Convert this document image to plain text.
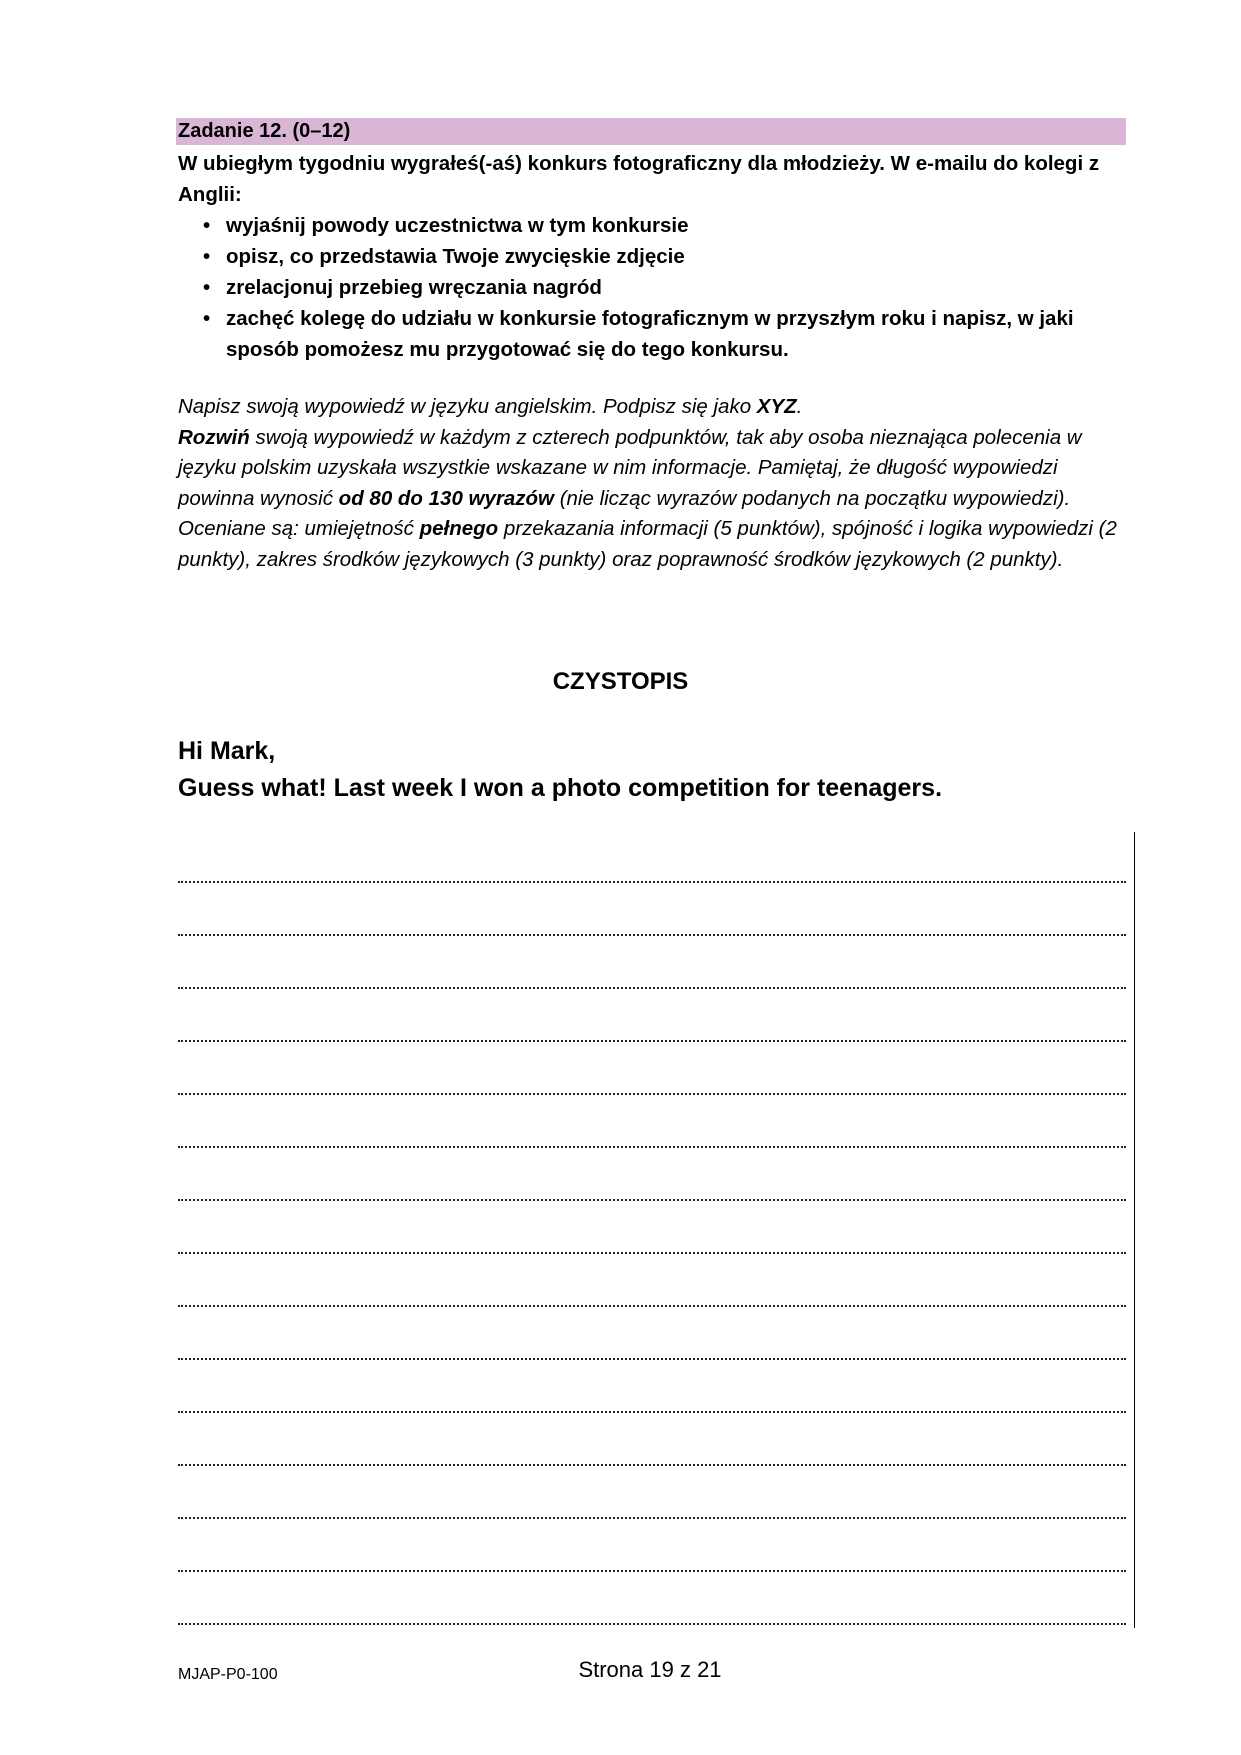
Zadanie 12. (0–12)

W ubiegłym tygodniu wygrałeś(-aś) konkurs fotograficzny dla młodzieży. W e-mailu do kolegi z Anglii:

• wyjaśnij powody uczestnictwa w tym konkursie
• opisz, co przedstawia Twoje zwycięskie zdjęcie
• zrelacjonuj przebieg wręczania nagród
• zachęć kolegę do udziału w konkursie fotograficznym w przyszłym roku i napisz, w jaki sposób pomożesz mu przygotować się do tego konkursu.

Napisz swoją wypowiedź w języku angielskim. Podpisz się jako XYZ.

Rozwiń swoją wypowiedź w każdym z czterech podpunktów, tak aby osoba nieznająca polecenia w języku polskim uzyskała wszystkie wskazane w nim informacje. Pamiętaj, że długość wypowiedzi powinna wynosić od 80 do 130 wyrazów (nie licząc wyrazów podanych na początku wypowiedzi). Oceniane są: umiejętność pełnego przekazania informacji (5 punktów), spójność i logika wypowiedzi (2 punkty), zakres środków językowych (3 punkty) oraz poprawność środków językowych (2 punkty).

CZYSTOPIS

Hi Mark,

Guess what! Last week I won a photo competition for teenagers.

MJAP-P0-100	Strona 19 z 21
